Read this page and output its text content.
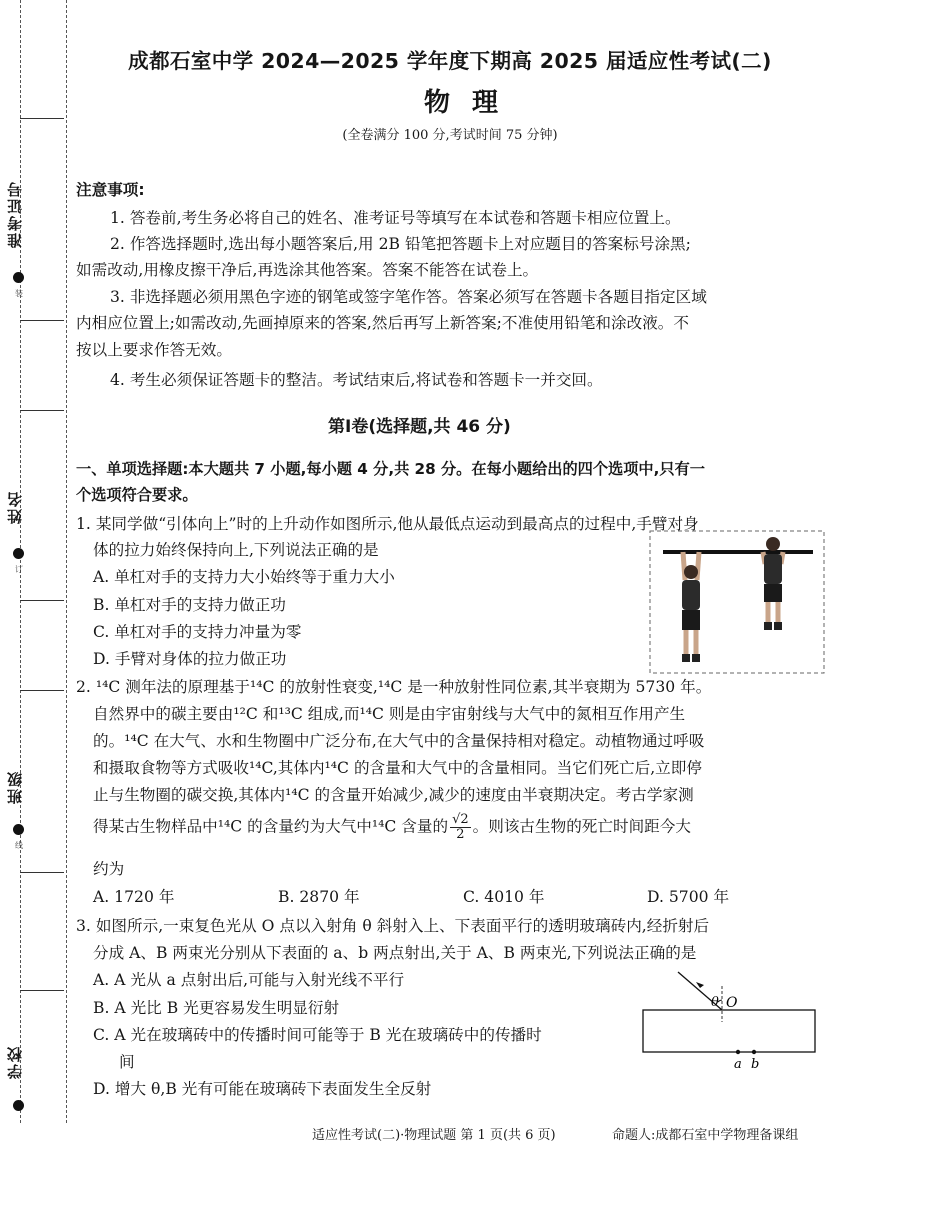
准考证号
装
姓名
订
班级
线
学校
成都石室中学 2024—2025 学年度下期高 2025 届适应性考试(二)
物理
(全卷满分 100 分,考试时间 75 分钟)
注意事项:
1. 答卷前,考生务必将自己的姓名、准考证号等填写在本试卷和答题卡相应位置上。
2. 作答选择题时,选出每小题答案后,用 2B 铅笔把答题卡上对应题目的答案标号涂黑;
如需改动,用橡皮擦干净后,再选涂其他答案。答案不能答在试卷上。
3. 非选择题必须用黑色字迹的钢笔或签字笔作答。答案必须写在答题卡各题目指定区域
内相应位置上;如需改动,先画掉原来的答案,然后再写上新答案;不准使用铅笔和涂改液。不
按以上要求作答无效。
4. 考生必须保证答题卡的整洁。考试结束后,将试卷和答题卡一并交回。
第Ⅰ卷(选择题,共 46 分)
一、单项选择题:本大题共 7 小题,每小题 4 分,共 28 分。在每小题给出的四个选项中,只有一
个选项符合要求。
1. 某同学做“引体向上”时的上升动作如图所示,他从最低点运动到最高点的过程中,手臂对身
体的拉力始终保持向上,下列说法正确的是
A. 单杠对手的支持力大小始终等于重力大小
B. 单杠对手的支持力做正功
C. 单杠对手的支持力冲量为零
D. 手臂对身体的拉力做正功
2. ¹⁴C 测年法的原理基于¹⁴C 的放射性衰变,¹⁴C 是一种放射性同位素,其半衰期为 5730 年。
自然界中的碳主要由¹²C 和¹³C 组成,而¹⁴C 则是由宇宙射线与大气中的氮相互作用产生
的。¹⁴C 在大气、水和生物圈中广泛分布,在大气中的含量保持相对稳定。动植物通过呼吸
和摄取食物等方式吸收¹⁴C,其体内¹⁴C 的含量和大气中的含量相同。当它们死亡后,立即停
止与生物圈的碳交换,其体内¹⁴C 的含量开始减少,减少的速度由半衰期决定。考古学家测
得某古生物样品中¹⁴C 的含量约为大气中¹⁴C 含量的 $\frac{√2}{2}$ 。则该古生物的死亡时间距今大
约为
A. 1720 年	B. 2870 年	C. 4010 年	D. 5700 年
3. 如图所示,一束复色光从 O 点以入射角 θ 斜射入上、下表面平行的透明玻璃砖内,经折射后
分成 A、B 两束光分别从下表面的 a、b 两点射出,关于 A、B 两束光,下列说法正确的是
A. A 光从 a 点射出后,可能与入射光线不平行
B. A 光比 B 光更容易发生明显衍射
C. A 光在玻璃砖中的传播时间可能等于 B 光在玻璃砖中的传播时
间
D. 增大 θ,B 光有可能在玻璃砖下表面发生全反射
θ O
a b
适应性考试(二)·物理试题 第 1 页(共 6 页)	命题人:成都石室中学物理备课组
